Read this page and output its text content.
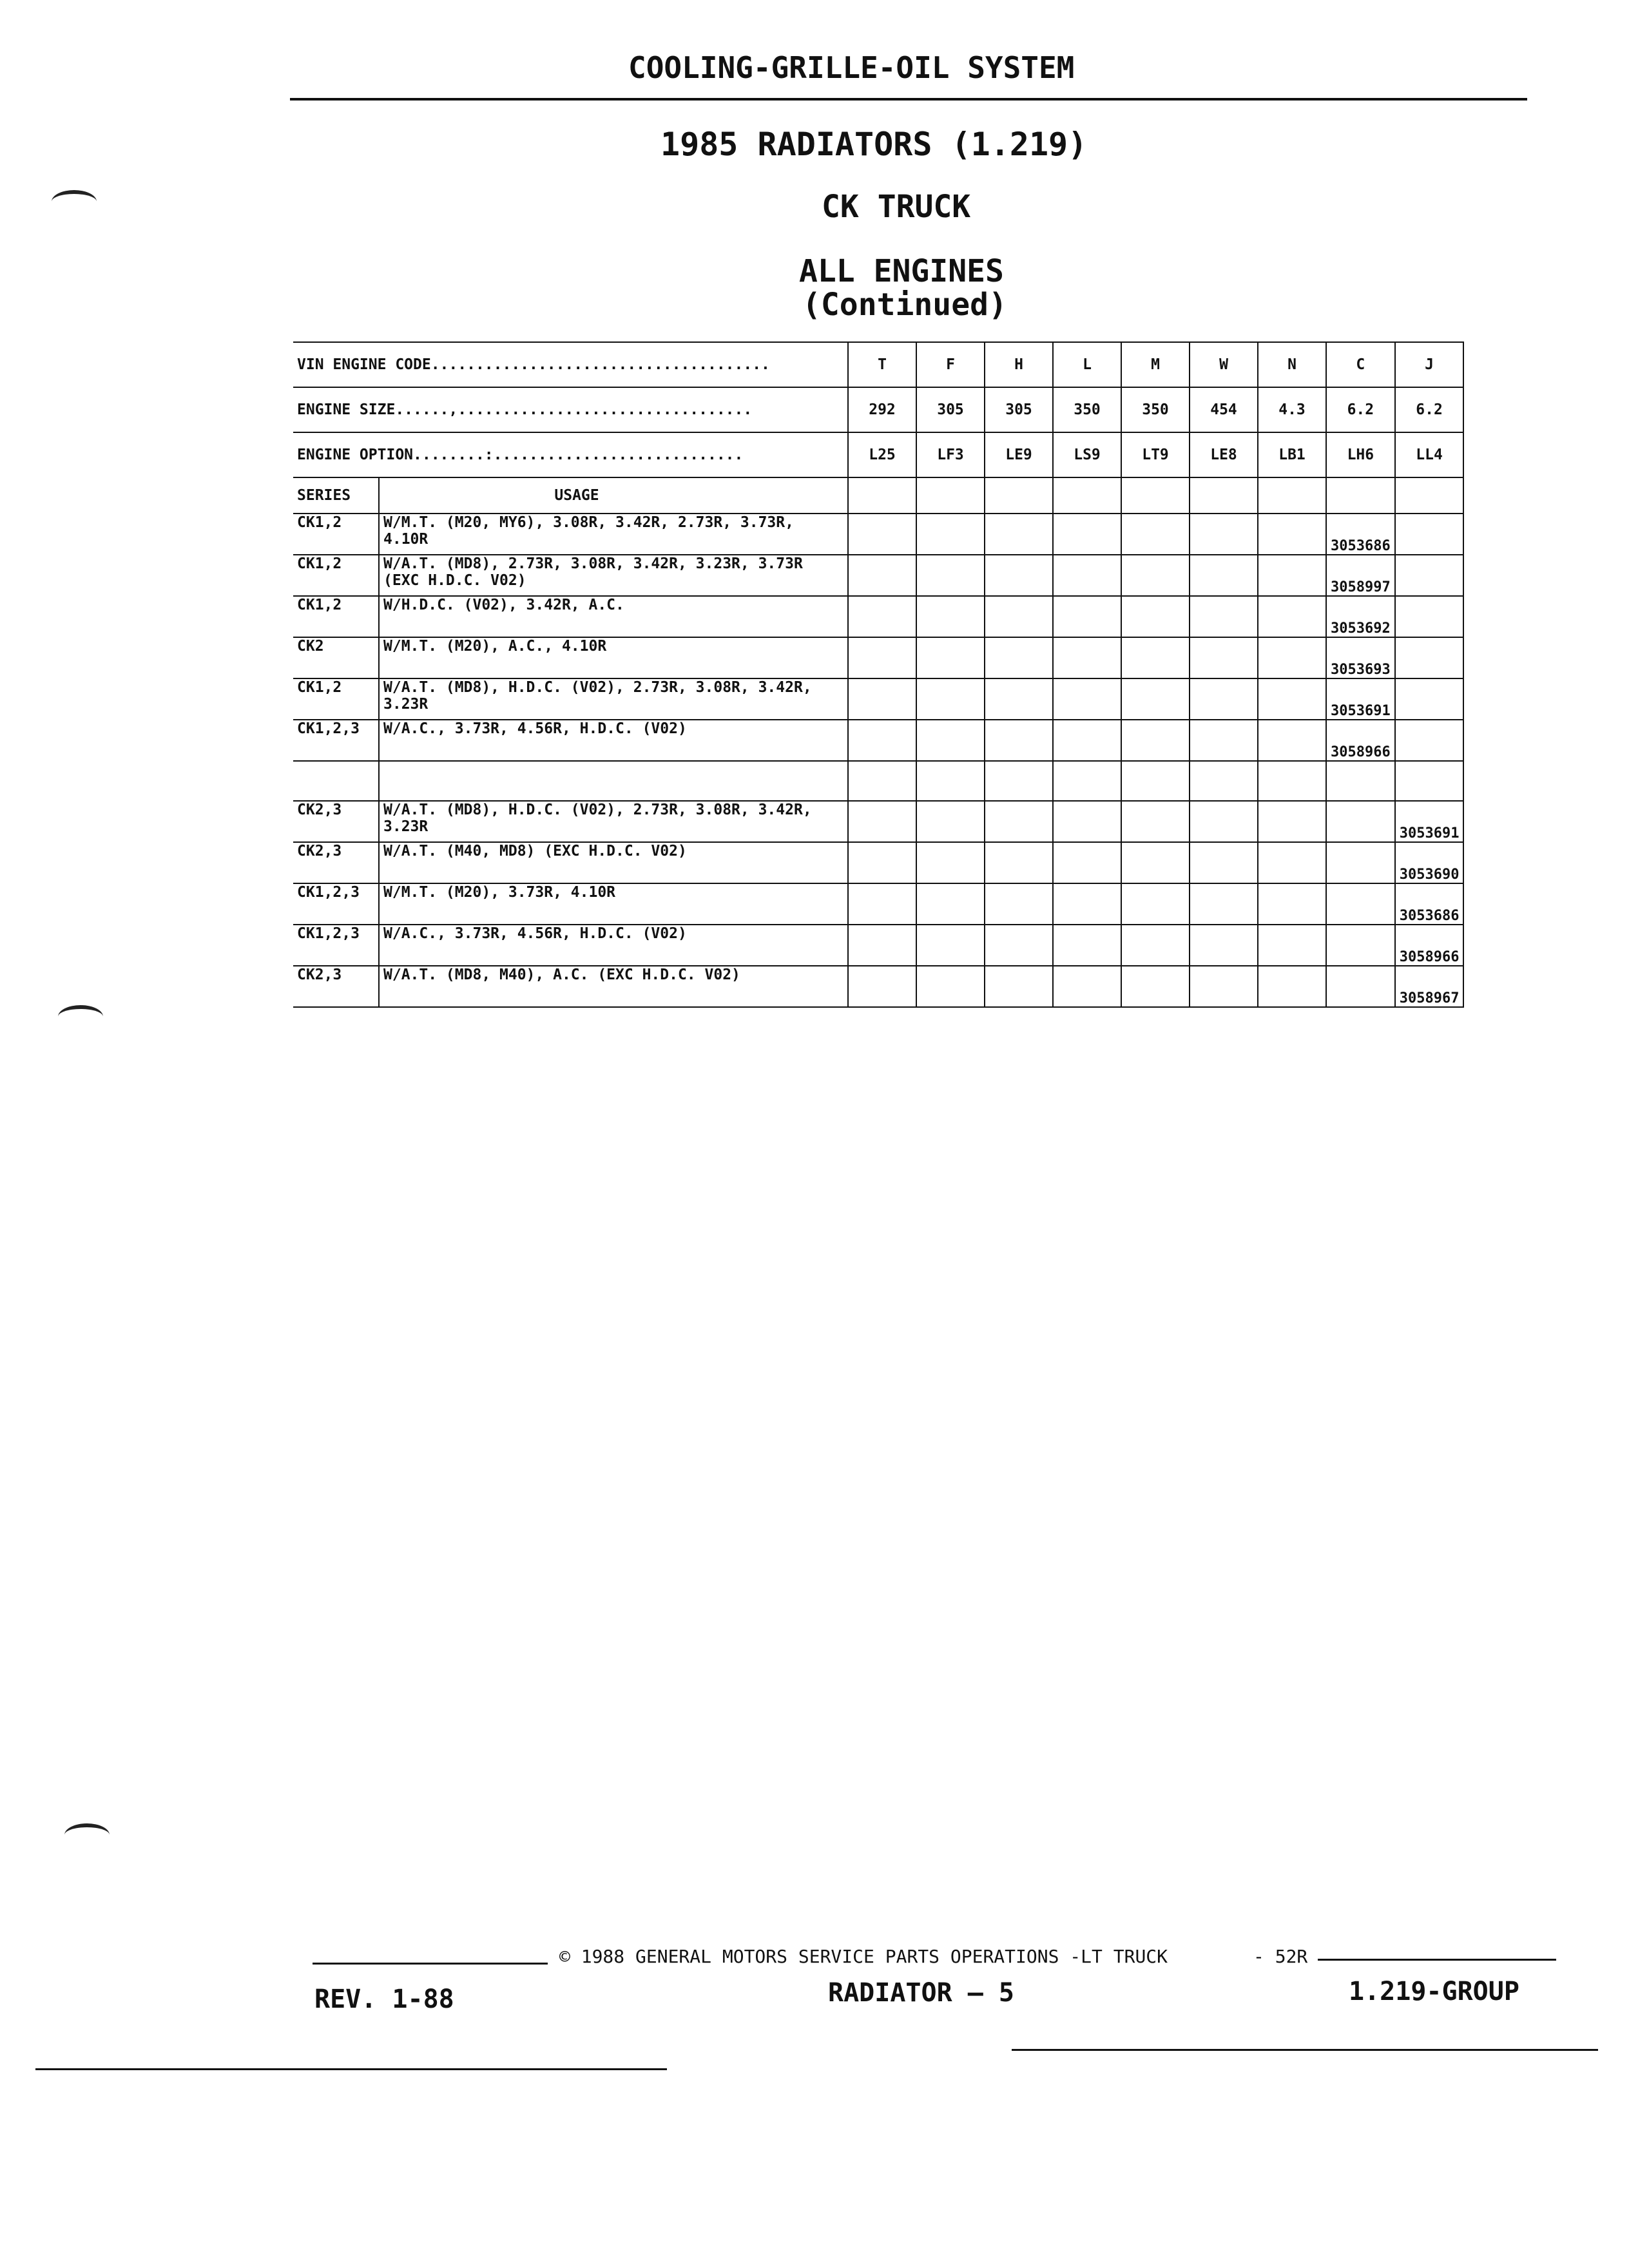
COOLING-GRILLE-OIL SYSTEM
1985 RADIATORS (1.219)
CK TRUCK
ALL ENGINES
(Continued)
VIN ENGINE CODE......................................		T	F	H	L	M	W	N	C	J
ENGINE SIZE......,.................................		292	305	305	350	350	454	4.3	6.2	6.2
ENGINE OPTION........:............................		L25	LF3	LE9	LS9	LT9	LE8	LB1	LH6	LL4
SERIES	USAGE									
CK1,2	W/M.T. (M20, MY6), 3.08R, 3.42R, 2.73R, 3.73R, 4.10R								3053686	
CK1,2	W/A.T. (MD8), 2.73R, 3.08R, 3.42R, 3.23R, 3.73R (EXC H.D.C. V02)								3058997	
CK1,2	W/H.D.C. (V02), 3.42R, A.C.								3053692	
CK2	W/M.T. (M20), A.C., 4.10R								3053693	
CK1,2	W/A.T. (MD8), H.D.C. (V02), 2.73R, 3.08R, 3.42R, 3.23R								3053691	
CK1,2,3	W/A.C., 3.73R, 4.56R, H.D.C. (V02)								3058966	

CK2,3	W/A.T. (MD8), H.D.C. (V02), 2.73R, 3.08R, 3.42R, 3.23R									3053691
CK2,3	W/A.T. (M40, MD8) (EXC H.D.C. V02)									3053690
CK1,2,3	W/M.T. (M20), 3.73R, 4.10R									3053686
CK1,2,3	W/A.C., 3.73R, 4.56R, H.D.C. (V02)									3058966
CK2,3	W/A.T. (MD8, M40), A.C. (EXC H.D.C. V02)									3058967
© 1988 GENERAL MOTORS SERVICE PARTS OPERATIONS -LT TRUCK	- 52R
REV. 1-88	RADIATOR — 5	1.219-GROUP
